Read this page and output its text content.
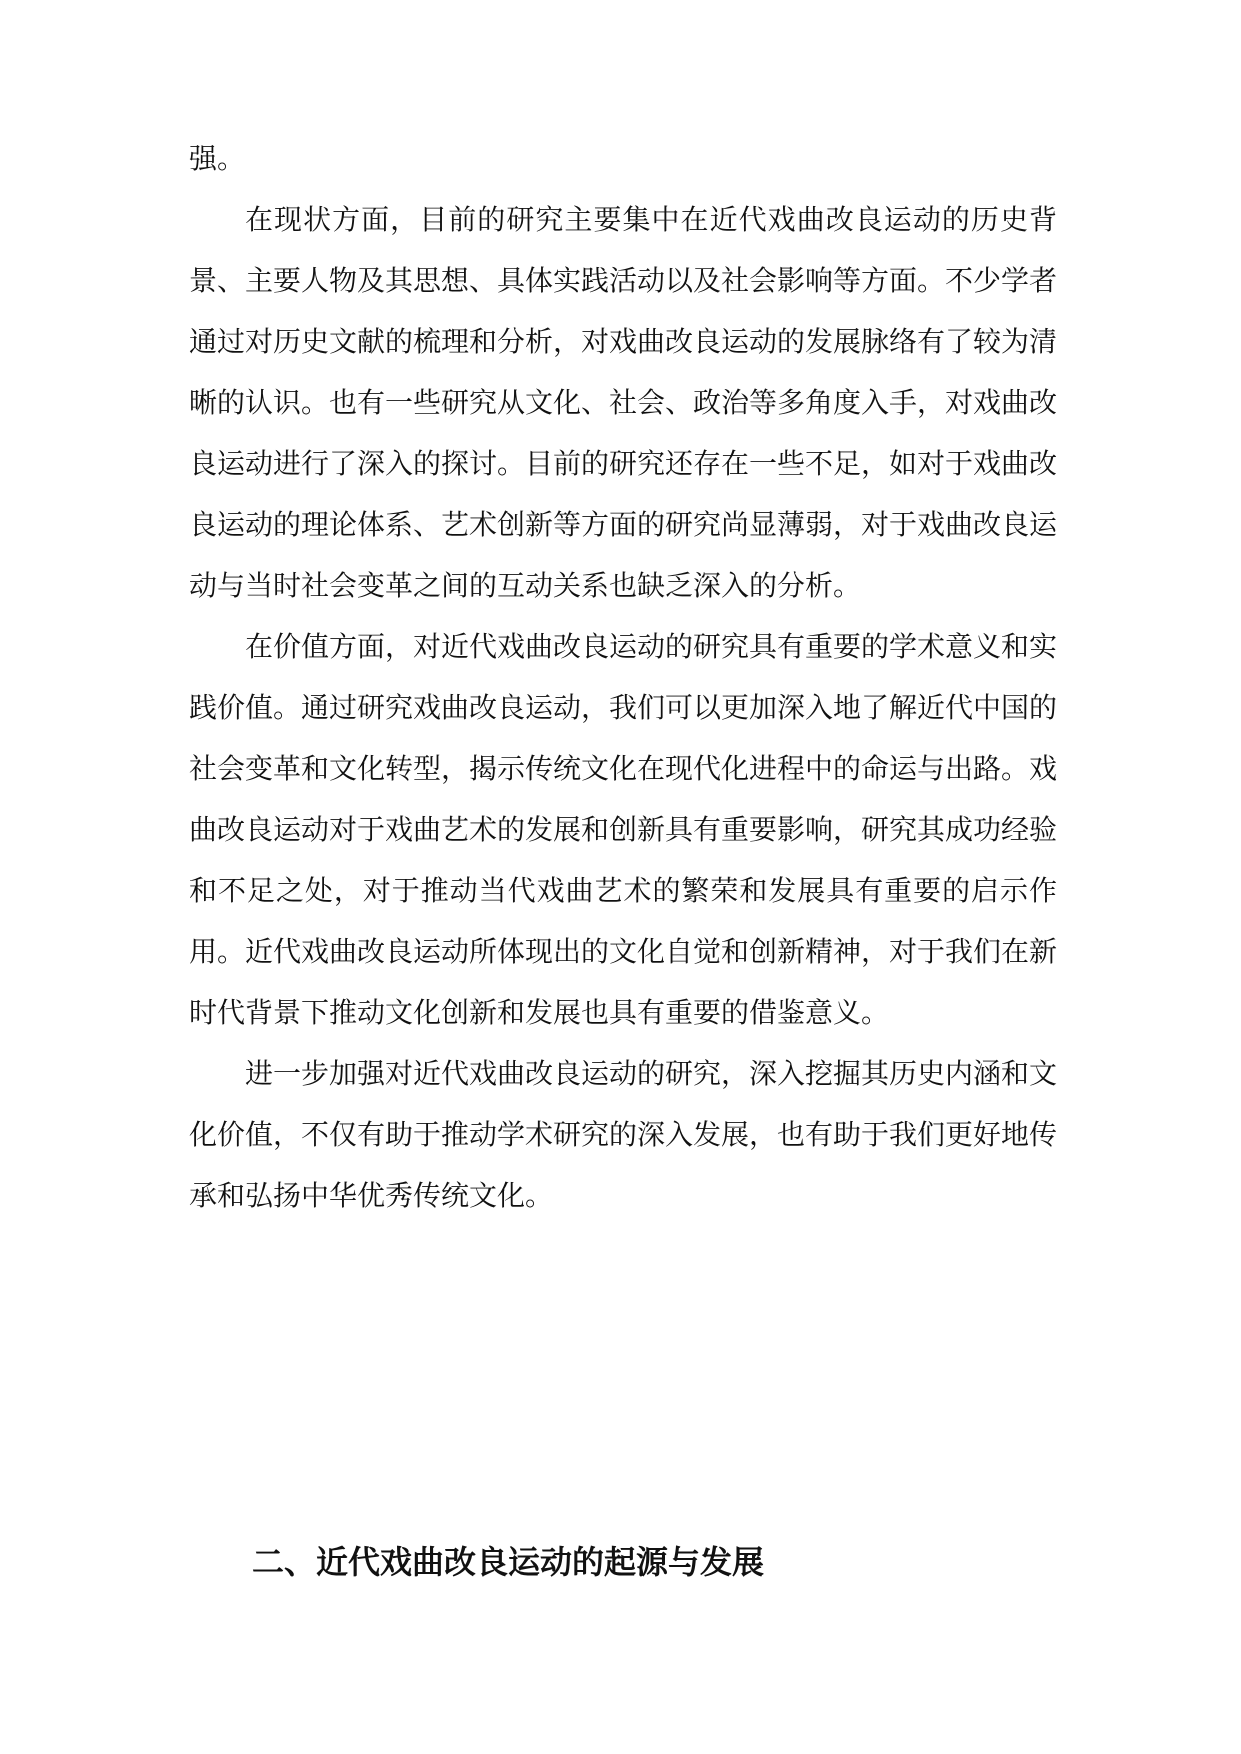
强。

在现状方面，目前的研究主要集中在近代戏曲改良运动的历史背景、主要人物及其思想、具体实践活动以及社会影响等方面。不少学者通过对历史文献的梳理和分析，对戏曲改良运动的发展脉络有了较为清晰的认识。也有一些研究从文化、社会、政治等多角度入手，对戏曲改良运动进行了深入的探讨。目前的研究还存在一些不足，如对于戏曲改良运动的理论体系、艺术创新等方面的研究尚显薄弱，对于戏曲改良运动与当时社会变革之间的互动关系也缺乏深入的分析。

在价值方面，对近代戏曲改良运动的研究具有重要的学术意义和实践价值。通过研究戏曲改良运动，我们可以更加深入地了解近代中国的社会变革和文化转型，揭示传统文化在现代化进程中的命运与出路。戏曲改良运动对于戏曲艺术的发展和创新具有重要影响，研究其成功经验和不足之处，对于推动当代戏曲艺术的繁荣和发展具有重要的启示作用。近代戏曲改良运动所体现出的文化自觉和创新精神，对于我们在新时代背景下推动文化创新和发展也具有重要的借鉴意义。

进一步加强对近代戏曲改良运动的研究，深入挖掘其历史内涵和文化价值，不仅有助于推动学术研究的深入发展，也有助于我们更好地传承和弘扬中华优秀传统文化。

二、近代戏曲改良运动的起源与发展
